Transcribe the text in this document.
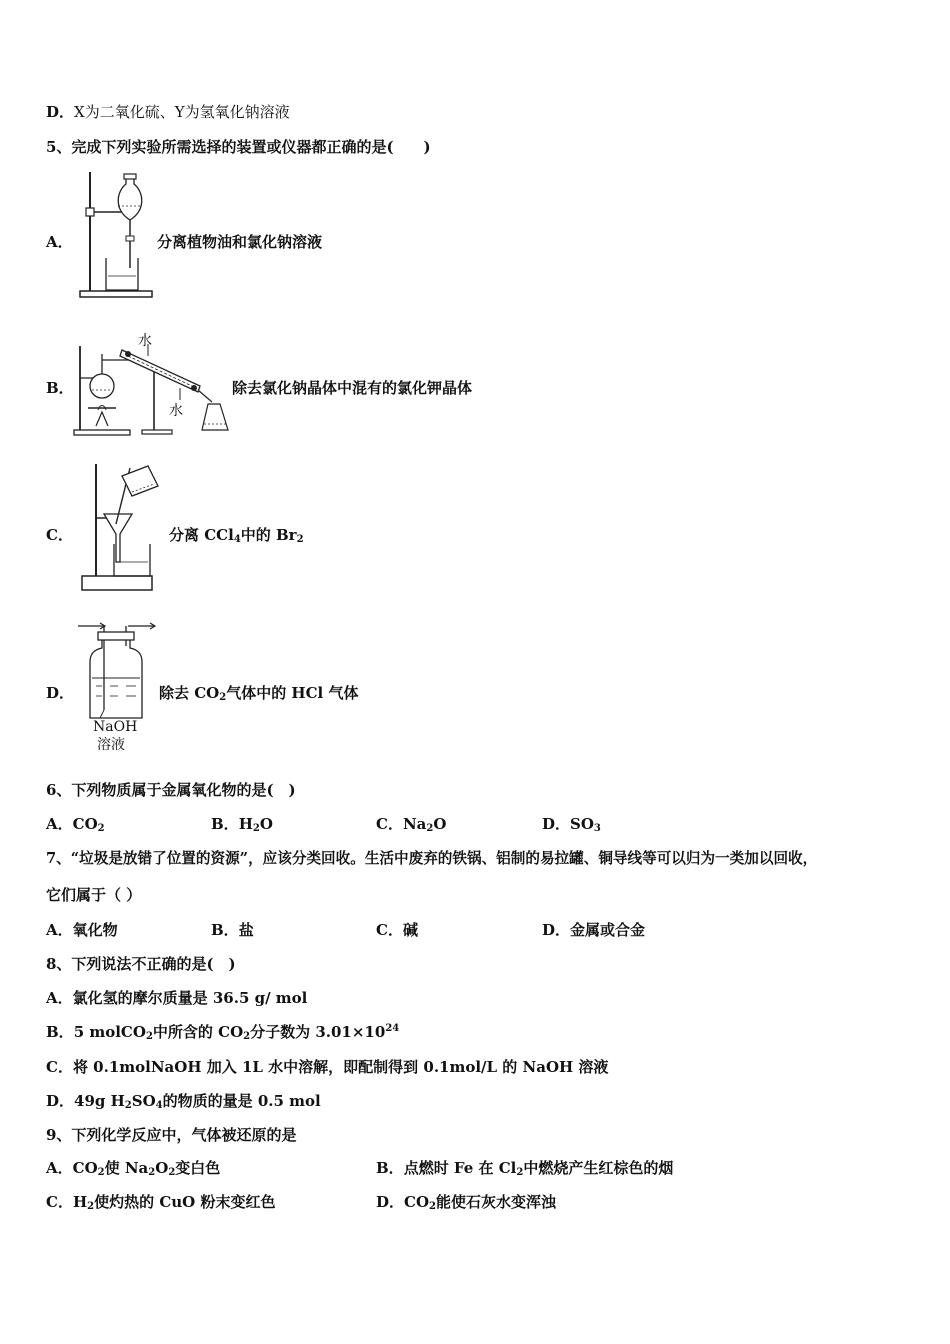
D．X为二氧化硫、Y为氢氧化钠溶液
5、完成下列实验所需选择的装置或仪器都正确的是(　　)
A．	分离植物油和氯化钠溶液
B．
水
水
除去氯化钠晶体中混有的氯化钾晶体
C．	分离 CCl$_4$中的 $Br_2$
D．
NaOH
溶液
除去 $CO_2$气体中的 HCl 气体
6、下列物质属于金属氧化物的是(　)
A．$CO_2$	B．$H_2O$	C．$Na_2O$	D．$SO_3$
7、“垃圾是放错了位置的资源”，应该分类回收。生活中废弃的铁锅、铝制的易拉罐、铜导线等可以归为一类加以回收，
它们属于（ ）
A．氧化物	B．盐	C．碱	D．金属或合金
8、下列说法不正确的是(　)
A．氯化氢的摩尔质量是 36.5 g/ mol
B．5 molCO$_2$中所含的 $CO_2$分子数为 $3.01\times 10^{24}$
C．将 0.1molNaOH 加入 1L 水中溶解，即配制得到 0.1mol/L 的 NaOH 溶液
D．49g $H_2SO_4$的物质的量是 0.5 mol
9、下列化学反应中，气体被还原的是
A．$CO_2$使 $Na_2O_2$变白色	B．点燃时 Fe 在 $Cl_2$中燃烧产生红棕色的烟
C．$H_2$使灼热的 CuO 粉末变红色	D．$CO_2$能使石灰水变浑浊
